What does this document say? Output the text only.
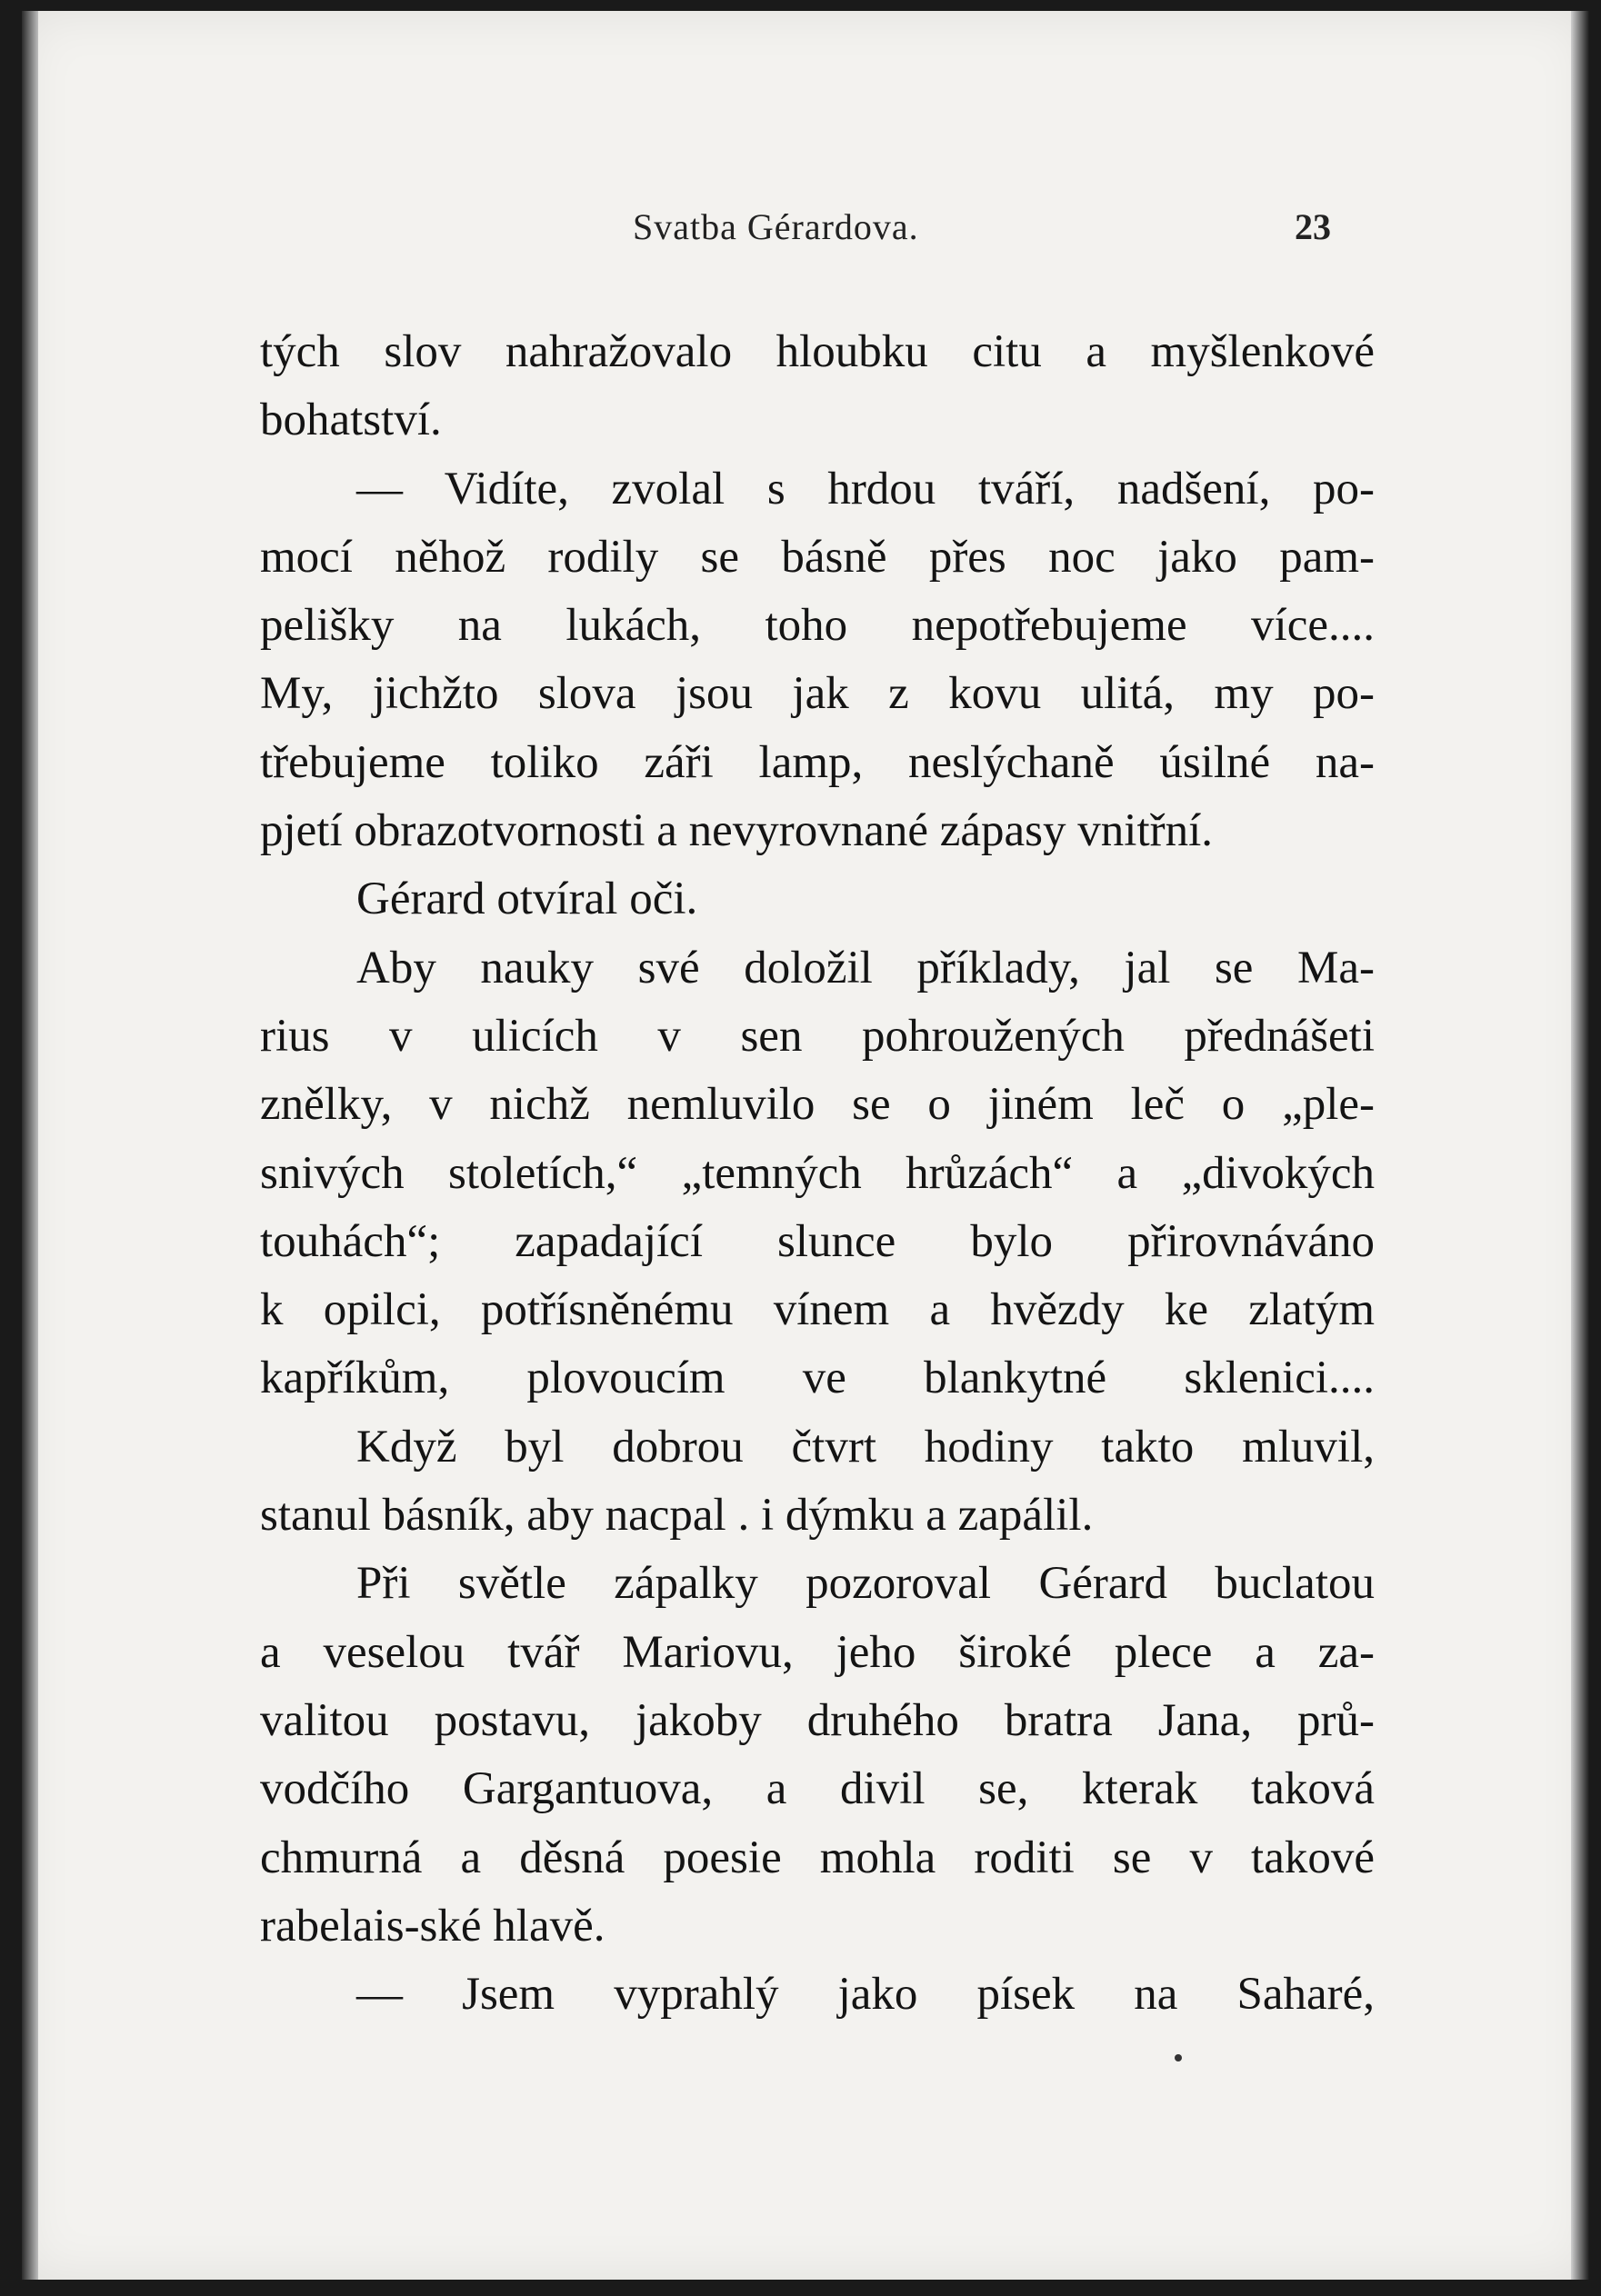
Svatba Gérardova.	23
tých slov nahražovalo hloubku citu a myšlenkové
bohatství.
— Vidíte, zvolal s hrdou tváří, nadšení, po-
mocí něhož rodily se básně přes noc jako pam-
pelišky na lukách, toho nepotřebujeme více....
My, jichžto slova jsou jak z kovu ulitá, my po-
třebujeme toliko záři lamp, neslýchaně úsilné na-
pjetí obrazotvornosti a nevyrovnané zápasy vnitřní.
Gérard otvíral oči.
Aby nauky své doložil příklady, jal se Ma-
rius v ulicích v sen pohroužených přednášeti
znělky, v nichž nemluvilo se o jiném leč o „ple-
snivých stoletích,“ „temných hrůzách“ a „divokých
touhách“; zapadající slunce bylo přirovnáváno
k opilci, potřísněnému vínem a hvězdy ke zlatým
kapříkům, plovoucím ve blankytné sklenici....
Když byl dobrou čtvrt hodiny takto mluvil,
stanul básník, aby nacpal . i dýmku a zapálil.
Při světle zápalky pozoroval Gérard buclatou
a veselou tvář Mariovu, jeho široké plece a za-
valitou postavu, jakoby druhého bratra Jana, prů-
vodčího Gargantuova, a divil se, kterak taková
chmurná a děsná poesie mohla roditi se v takové
rabelais-ské hlavě.
— Jsem vyprahlý jako písek na Saharé,
